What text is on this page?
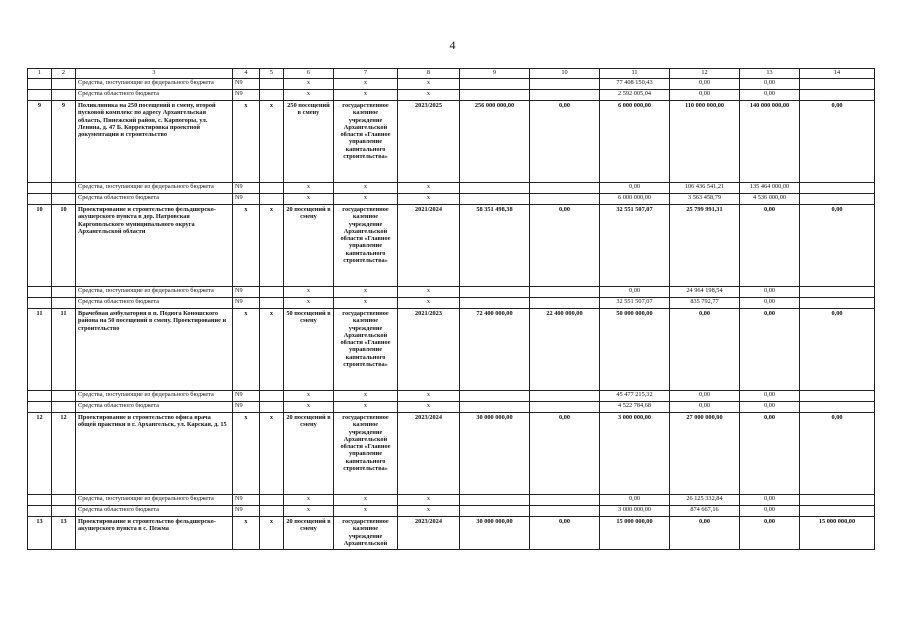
4
1	2	3	4	5	6	7	8	9	10	11	12	13	14
		Средства, поступающие из федерального бюджета	N9		х	х	х			77 408 150,43	0,00	0,00	
		Средства областного бюджета	N9		х	х	х			2 592 005,04	0,00	0,00	
9	9	Поликлиника на 250 посещений в смену, второй пусковой комплекс по адресу Архангельская область, Пинежский район, с. Карпогоры, ул. Ленина, д. 47 Б. Корректировка проектной документации и строительство	х	х	250 посещений в смену	государственное казенное учреждение Архангельской области «Главное управление капитального строительства»	2023/2025	256 000 000,00	0,00	6 000 000,00	110 000 000,00	140 000 000,00	0,00
		Средства, поступающие из федерального бюджета	N9		х	х	х			0,00	106 436 541,21	135 464 000,00	
		Средства областного бюджета	N9		х	х	х			6 000 000,00	3 563 458,79	4 536 000,00	
10	10	Проектирование и строительство фельдшерско-акушерского пункта в дер. Натровская Каргопольского муниципального округа Архангельской области	х	х	20 посещений в смену	государственное казенное учреждение Архангельской области «Главное управление капитального строительства»	2021/2024	58 351 498,38	0,00	32 551 507,07	25 799 991,31	0,00	0,00
		Средства, поступающие из федерального бюджета	N9		х	х	х			0,00	24 964 198,54	0,00	
		Средства областного бюджета	N9		х	х	х			32 551 507,07	835 792,77	0,00	
11	11	Врачебная амбулатория в п. Подюга Коношского района на 50 посещений в смену. Проектирование и строительство	х	х	50 посещений в смену	государственное казенное учреждение Архангельской области «Главное управление капитального строительства»	2021/2023	72 400 000,00	22 400 000,00	50 000 000,00	0,00	0,00	0,00
		Средства, поступающие из федерального бюджета	N9		х	х	х			45 477 215,32	0,00	0,00	
		Средства областного бюджета	N9		х	х	х			4 522 784,68	0,00	0,00	
12	12	Проектирование и строительство офиса врача общей практики в г. Архангельск, ул. Карская, д. 15	х	х	20 посещений в смену	государственное казенное учреждение Архангельской области «Главное управление капитального строительства»	2023/2024	30 000 000,00	0,00	3 000 000,00	27 000 000,00	0,00	0,00
		Средства, поступающие из федерального бюджета	N9		х	х	х			0,00	26 125 332,84	0,00	
		Средства областного бюджета	N9		х	х	х			3 000 000,00	874 667,16	0,00	
13	13	Проектирование и строительство фельдшерско-акушерского пункта в с. Пежма	х	х	20 посещений в смену	государственное казенное учреждение Архангельской	2023/2024	30 000 000,00	0,00	15 000 000,00	0,00	0,00	15 000 000,00
